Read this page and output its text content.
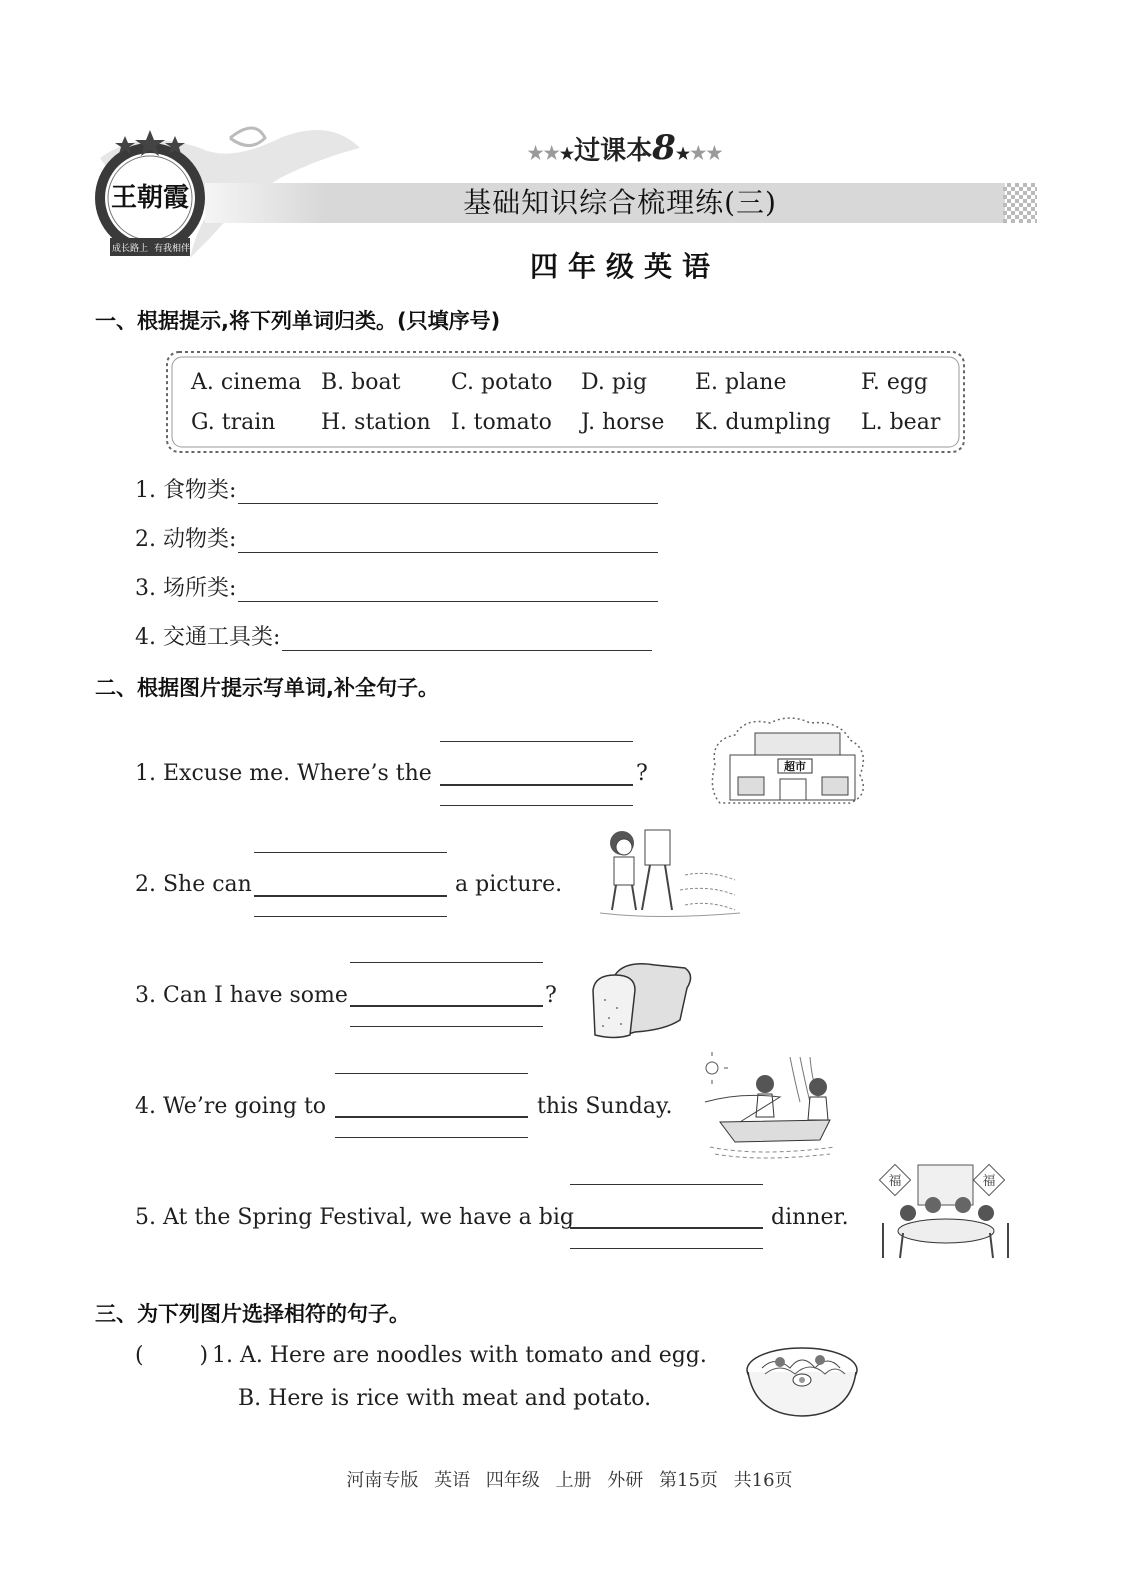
王朝霞
成长路上 有我相伴
★★★过课本8★★★
基础知识综合梳理练(三)
四年级英语
一、根据提示,将下列单词归类。(只填序号)
A. cinema B. boat C. potato D. pig E. plane	F. egg
G. train H. station I. tomato J. horse K. dumpling L. bear
1. 食物类:
2. 动物类:
3. 场所类:
4. 交通工具类:
二、根据图片提示写单词,补全句子。
1. Excuse me. Where’s the	?	超市
2. She can	a picture.
3. Can I have some	?
4. We’re going to	this Sunday.
5. At the Spring Festival, we have a big	dinner.
福	福
三、为下列图片选择相符的句子。
(        ) 1. A. Here are noodles with tomato and egg.
B. Here is rice with meat and potato.
河南专版 英语 四年级 上册 外研 第15页 共16页
